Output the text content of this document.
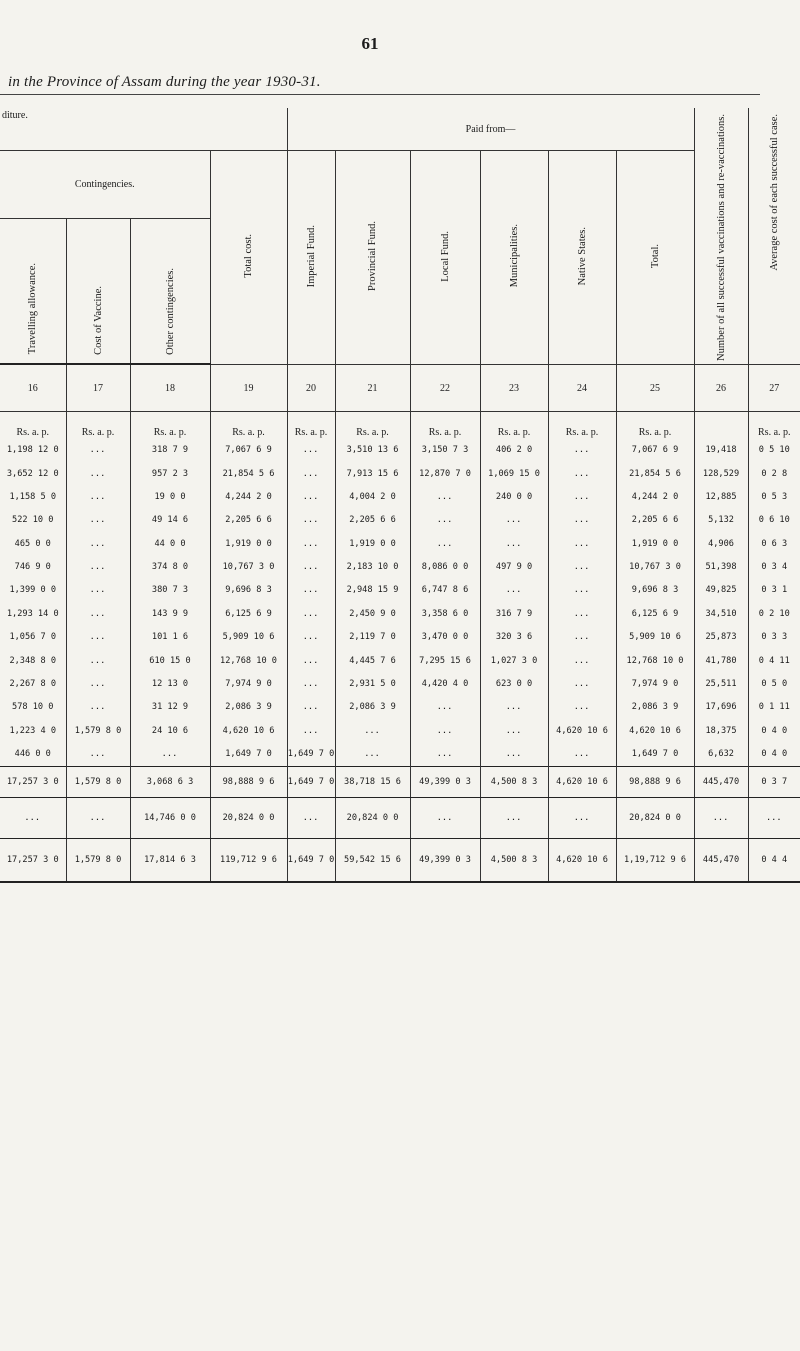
61
in the Province of Assam during the year 1930-31.
diture.				Paid from—						Number of all successful vaccinations and re-vaccinations.	Average cost of each successful case.
Contingencies.			Total cost.	Imperial Fund.	Provincial Fund.	Local Fund.	Municipalities.	Native States.	Total.		
Travelling allowance.	Cost of Vaccine.	Other contingencies.									
16	17	18	19	20	21	22	23	24	25	26	27
Rs. a. p.	Rs. a. p.	Rs. a. p.	Rs. a. p.	Rs. a. p.	Rs. a. p.	Rs. a. p.	Rs. a. p.	Rs. a. p.	Rs. a. p.		Rs. a. p.
1,198 12 0	...	318 7 9	7,067 6 9	...	3,510 13 6	3,150 7 3	406 2 0	...	7,067 6 9	19,418	0 5 10
3,652 12 0	...	957 2 3	21,854 5 6	...	7,913 15 6	12,870 7 0	1,069 15 0	...	21,854 5 6	128,529	0 2 8
1,158 5 0	...	19 0 0	4,244 2 0	...	4,004 2 0	...	240 0 0	...	4,244 2 0	12,885	0 5 3
522 10 0	...	49 14 6	2,205 6 6	...	2,205 6 6	...	...	...	2,205 6 6	5,132	0 6 10
465 0 0	...	44 0 0	1,919 0 0	...	1,919 0 0	...	...	...	1,919 0 0	4,906	0 6 3
746 9 0	...	374 8 0	10,767 3 0	...	2,183 10 0	8,086 0 0	497 9 0	...	10,767 3 0	51,398	0 3 4
1,399 0 0	...	380 7 3	9,696 8 3	...	2,948 15 9	6,747 8 6	...	...	9,696 8 3	49,825	0 3 1
1,293 14 0	...	143 9 9	6,125 6 9	...	2,450 9 0	3,358 6 0	316 7 9	...	6,125 6 9	34,510	0 2 10
1,056 7 0	...	101 1 6	5,909 10 6	...	2,119 7 0	3,470 0 0	320 3 6	...	5,909 10 6	25,873	0 3 3
2,348 8 0	...	610 15 0	12,768 10 0	...	4,445 7 6	7,295 15 6	1,027 3 0	...	12,768 10 0	41,780	0 4 11
2,267 8 0	...	12 13 0	7,974 9 0	...	2,931 5 0	4,420 4 0	623 0 0	...	7,974 9 0	25,511	0 5 0
578 10 0	...	31 12 9	2,086 3 9	...	2,086 3 9	...	...	...	2,086 3 9	17,696	0 1 11
1,223 4 0	1,579 8 0	24 10 6	4,620 10 6	...	...	...	...	4,620 10 6	4,620 10 6	18,375	0 4 0
446 0 0	...	...	1,649 7 0	1,649 7 0	...	...	...	...	1,649 7 0	6,632	0 4 0
17,257 3 0	1,579 8 0	3,068 6 3	98,888 9 6	1,649 7 0	38,718 15 6	49,399 0 3	4,500 8 3	4,620 10 6	98,888 9 6	445,470	0 3 7
...	...	14,746 0 0	20,824 0 0	...	20,824 0 0	...	...	...	20,824 0 0	...	...
17,257 3 0	1,579 8 0	17,814 6 3	119,712 9 6	1,649 7 0	59,542 15 6	49,399 0 3	4,500 8 3	4,620 10 6	1,19,712 9 6	445,470	0 4 4
